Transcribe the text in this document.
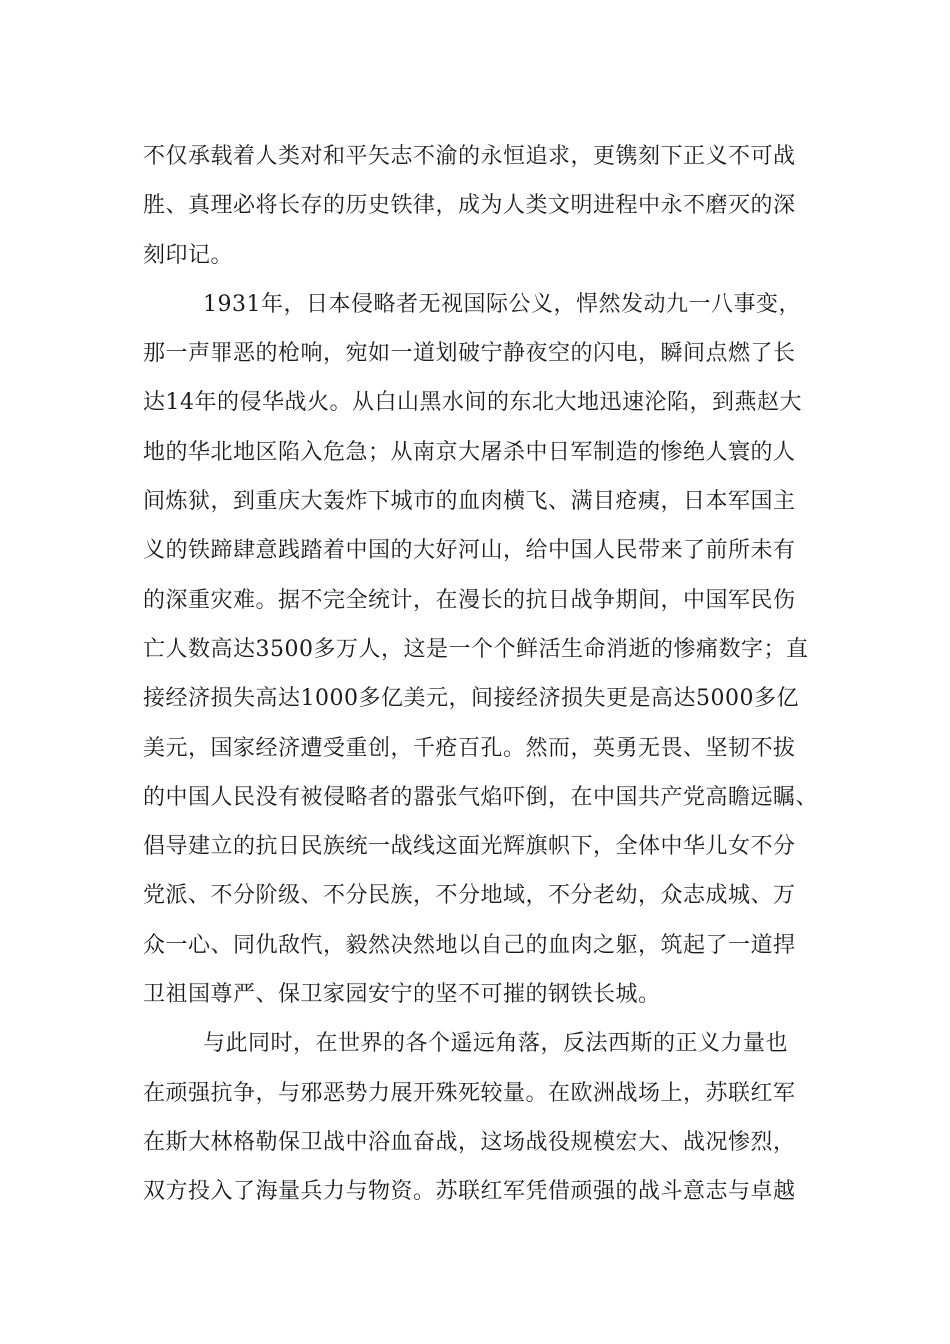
不仅承载着人类对和平矢志不渝的永恒追求，更镌刻下正义不可战
胜、真理必将长存的历史铁律，成为人类文明进程中永不磨灭的深
刻印记。
1931年，日本侵略者无视国际公义，悍然发动九一八事变，
那一声罪恶的枪响，宛如一道划破宁静夜空的闪电，瞬间点燃了长
达14年的侵华战火。从白山黑水间的东北大地迅速沦陷，到燕赵大
地的华北地区陷入危急；从南京大屠杀中日军制造的惨绝人寰的人
间炼狱，到重庆大轰炸下城市的血肉横飞、满目疮痍，日本军国主
义的铁蹄肆意践踏着中国的大好河山，给中国人民带来了前所未有
的深重灾难。据不完全统计，在漫长的抗日战争期间，中国军民伤
亡人数高达3500多万人，这是一个个鲜活生命消逝的惨痛数字；直
接经济损失高达1000多亿美元，间接经济损失更是高达5000多亿
美元，国家经济遭受重创，千疮百孔。然而，英勇无畏、坚韧不拔
的中国人民没有被侵略者的嚣张气焰吓倒，在中国共产党高瞻远瞩、
倡导建立的抗日民族统一战线这面光辉旗帜下，全体中华儿女不分
党派、不分阶级、不分民族，不分地域，不分老幼，众志成城、万
众一心、同仇敌忾，毅然决然地以自己的血肉之躯，筑起了一道捍
卫祖国尊严、保卫家园安宁的坚不可摧的钢铁长城。
与此同时，在世界的各个遥远角落，反法西斯的正义力量也
在顽强抗争，与邪恶势力展开殊死较量。在欧洲战场上，苏联红军
在斯大林格勒保卫战中浴血奋战，这场战役规模宏大、战况惨烈，
双方投入了海量兵力与物资。苏联红军凭借顽强的战斗意志与卓越
